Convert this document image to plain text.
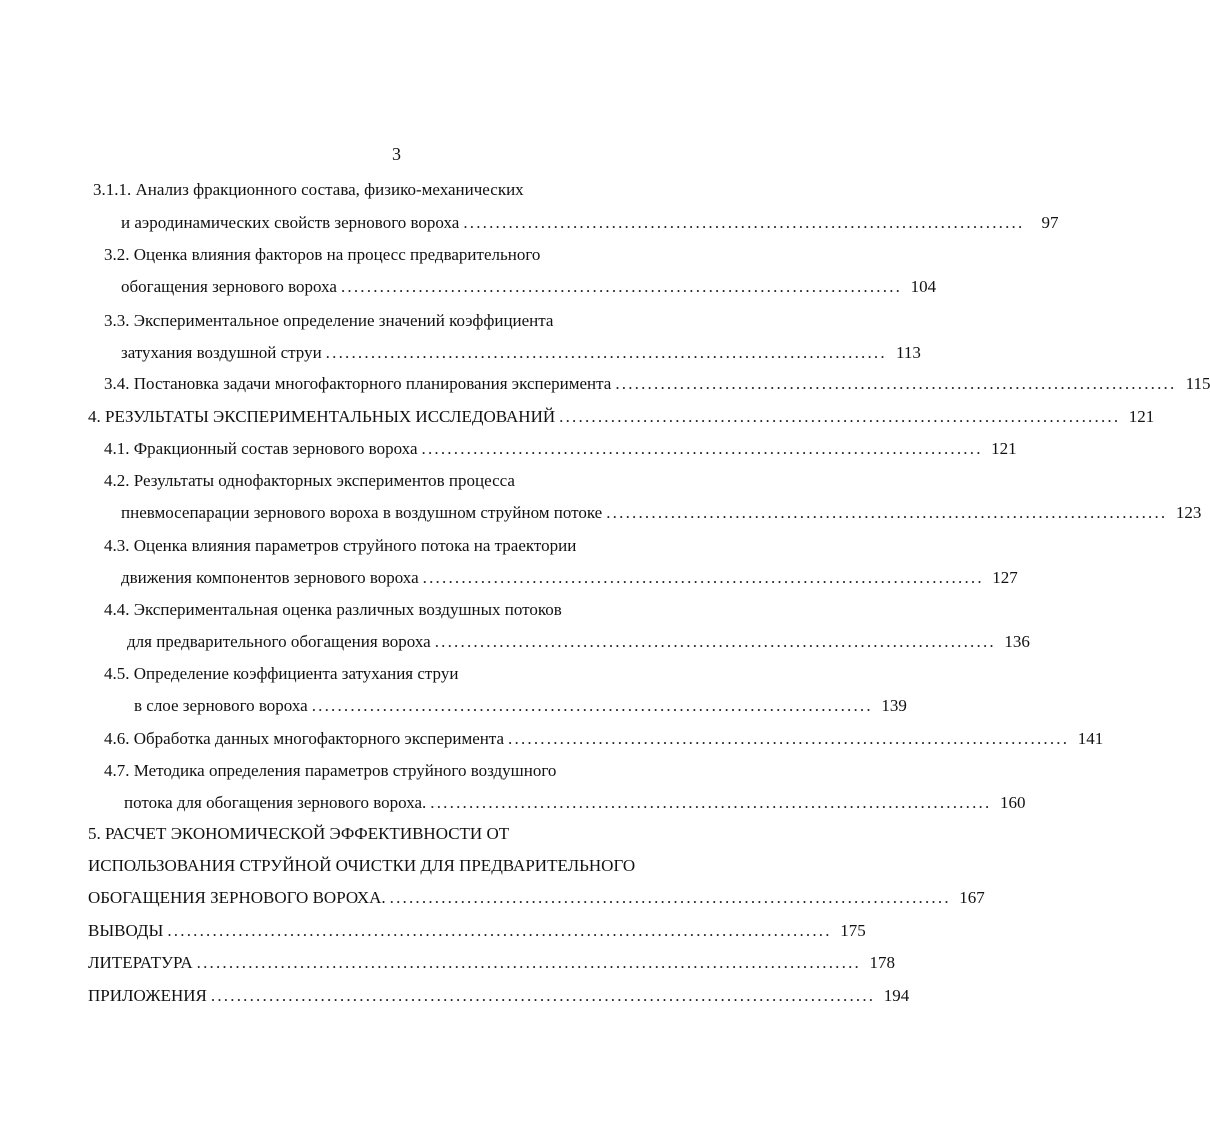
3
3.1.1. Анализ фракционного состава, физико-механических
и аэродинамических свойств зернового вороха .......................................................................................	97
3.2. Оценка влияния факторов на процесс предварительного
обогащения зернового вороха ....................................................................................... 104
3.3. Экспериментальное определение значений коэффициента
затухания воздушной струи ....................................................................................... 113
3.4. Постановка задачи многофакторного планирования эксперимента ....................................................................................... 115
4. РЕЗУЛЬТАТЫ ЭКСПЕРИМЕНТАЛЬНЫХ ИССЛЕДОВАНИЙ ....................................................................................... 121
4.1. Фракционный состав зернового вороха ....................................................................................... 121
4.2. Результаты однофакторных экспериментов процесса
пневмосепарации зернового вороха в воздушном струйном потоке ....................................................................................... 123
4.3. Оценка влияния параметров струйного потока на траектории
движения компонентов зернового вороха ....................................................................................... 127
4.4. Экспериментальная оценка различных воздушных потоков
для предварительного обогащения вороха ....................................................................................... 136
4.5. Определение коэффициента затухания струи
в слое зернового вороха ....................................................................................... 139
4.6. Обработка данных многофакторного эксперимента ....................................................................................... 141
4.7. Методика определения параметров струйного воздушного
потока для обогащения зернового вороха. ....................................................................................... 160
5. РАСЧЕТ ЭКОНОМИЧЕСКОЙ ЭФФЕКТИВНОСТИ ОТ
ИСПОЛЬЗОВАНИЯ СТРУЙНОЙ ОЧИСТКИ ДЛЯ ПРЕДВАРИТЕЛЬНОГО
ОБОГАЩЕНИЯ ЗЕРНОВОГО ВОРОХА. ....................................................................................... 167
ВЫВОДЫ ....................................................................................................... 175
ЛИТЕРАТУРА ....................................................................................................... 178
ПРИЛОЖЕНИЯ ....................................................................................................... 194
